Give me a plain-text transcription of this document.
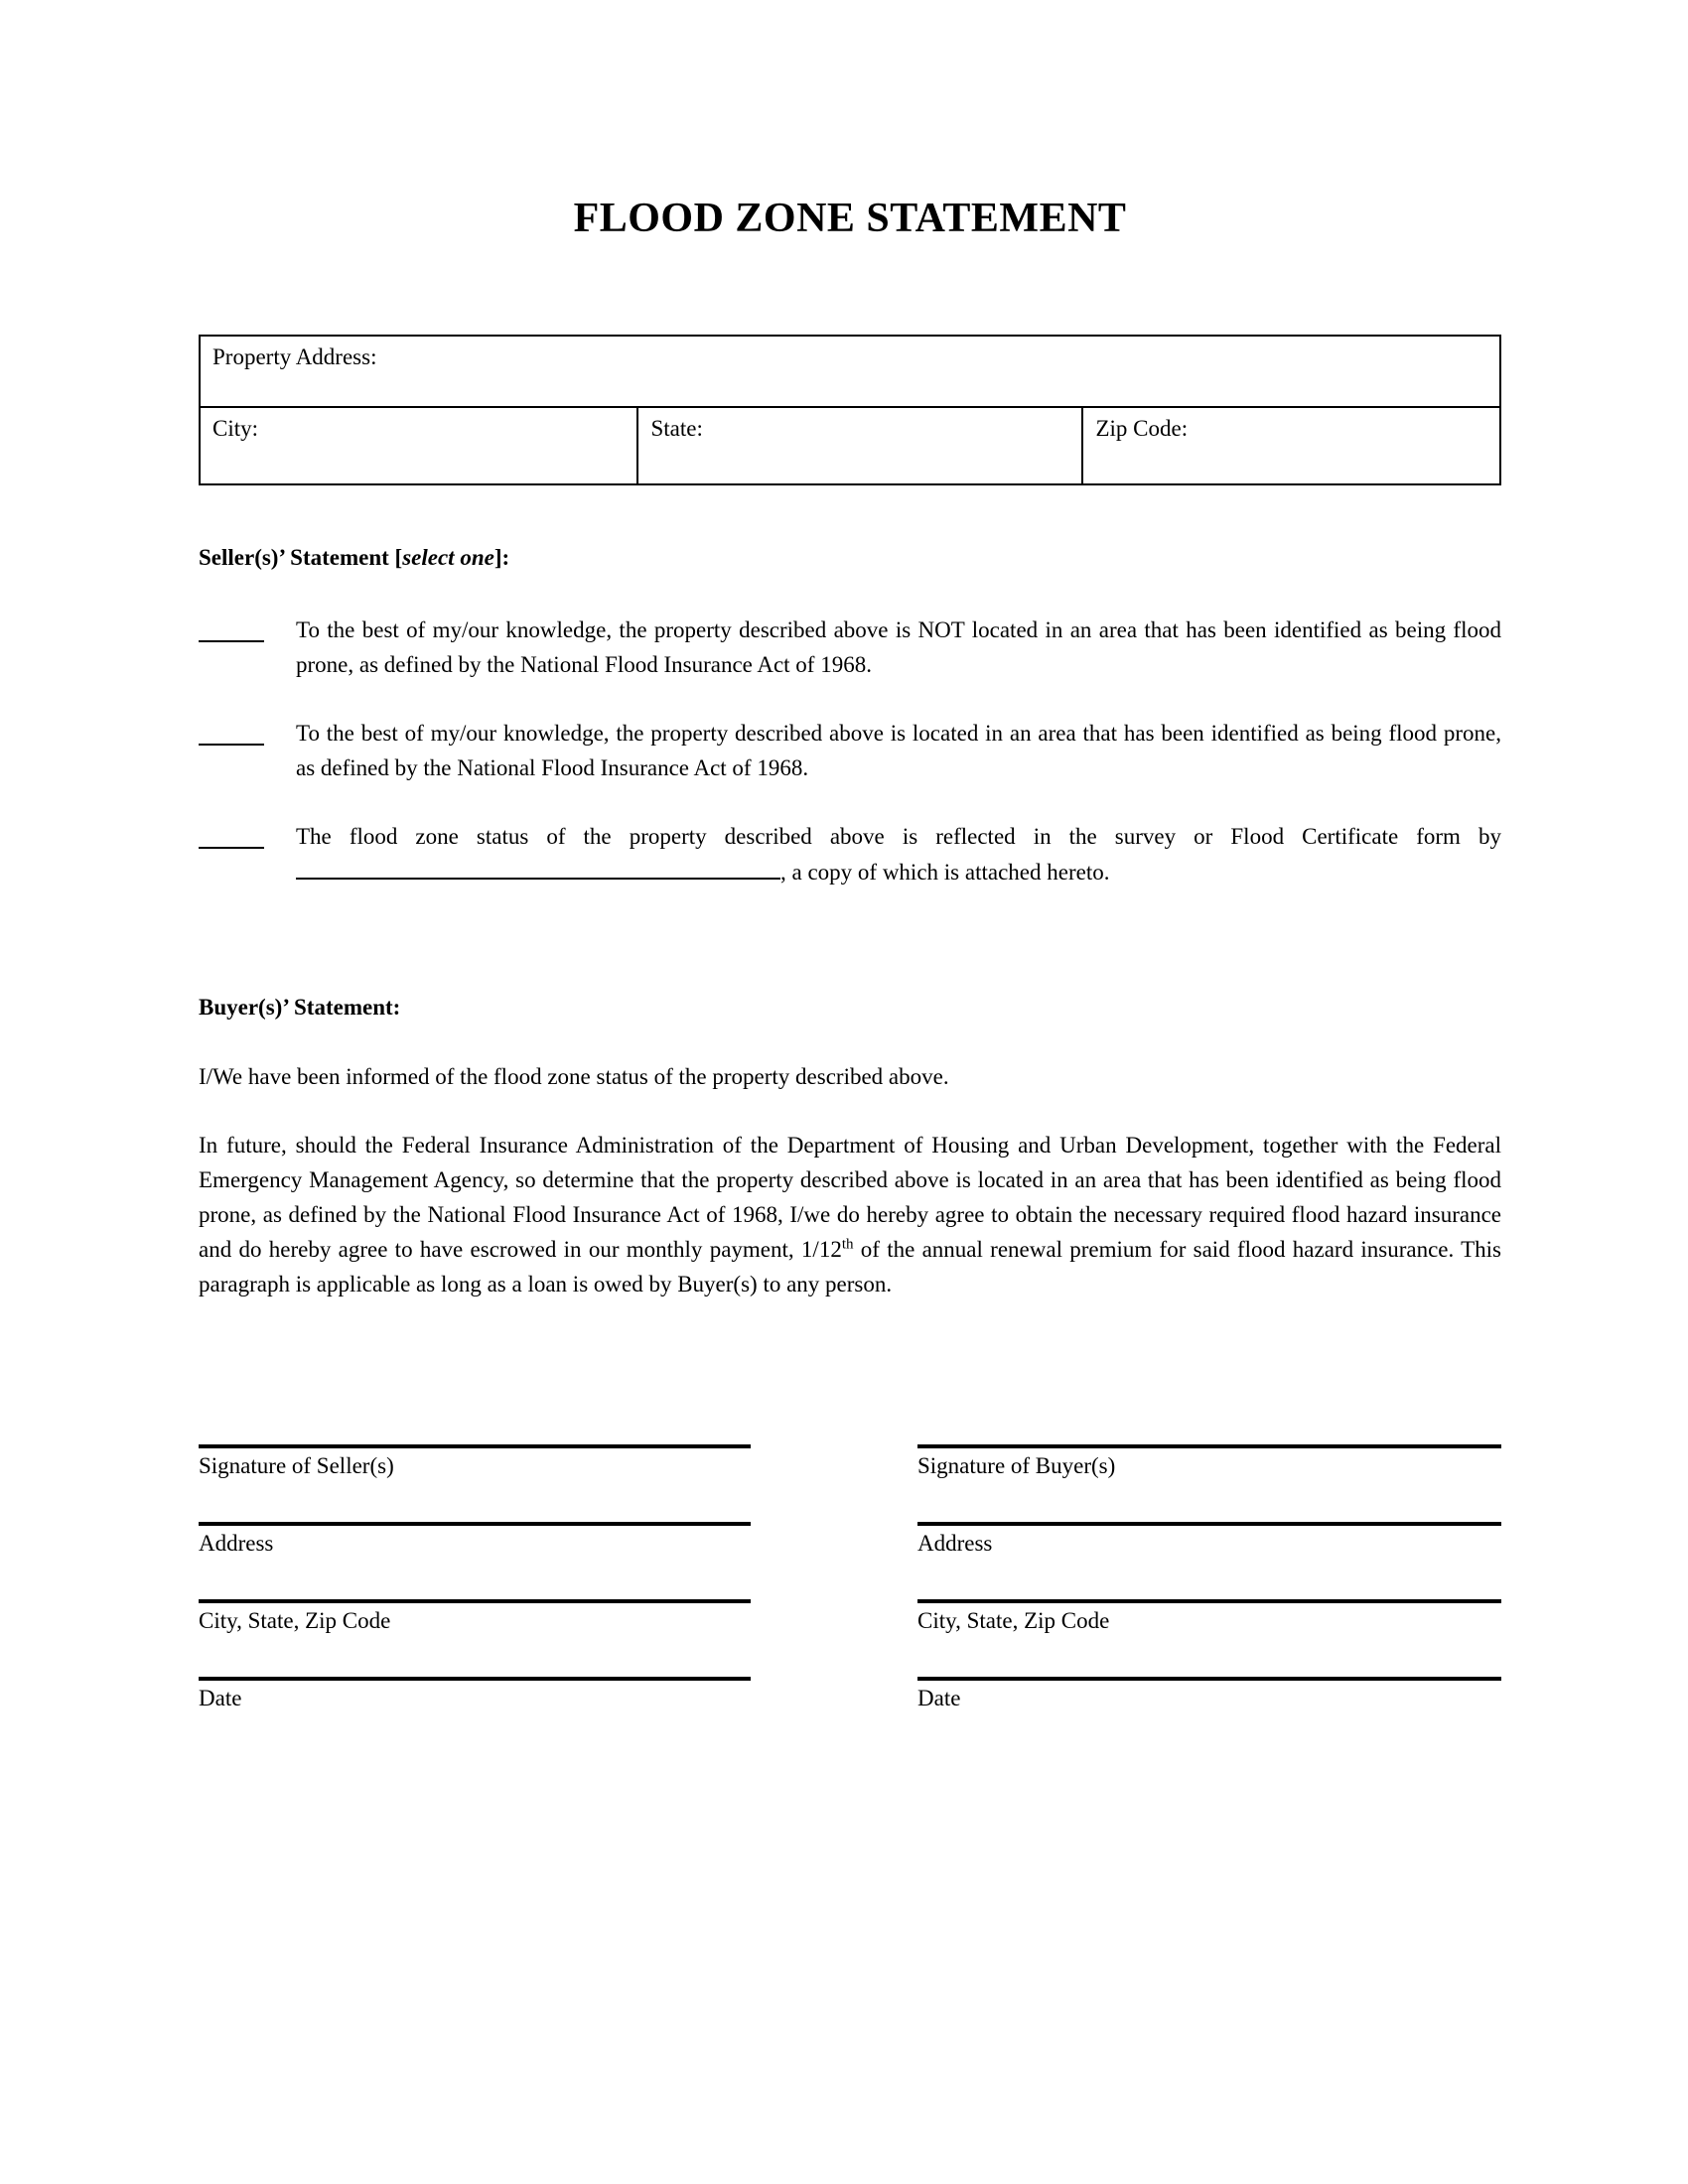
FLOOD ZONE STATEMENT
Property Address:
City:	State:	Zip Code:
Seller(s)’ Statement [select one]:
To the best of my/our knowledge, the property described above is NOT located in an area that has been identified as being flood prone, as defined by the National Flood Insurance Act of 1968.
To the best of my/our knowledge, the property described above is located in an area that has been identified as being flood prone, as defined by the National Flood Insurance Act of 1968.
The flood zone status of the property described above is reflected in the survey or Flood Certificate form by , a copy of which is attached hereto.
Buyer(s)’ Statement:
I/We have been informed of the flood zone status of the property described above.
In future, should the Federal Insurance Administration of the Department of Housing and Urban Development, together with the Federal Emergency Management Agency, so determine that the property described above is located in an area that has been identified as being flood prone, as defined by the National Flood Insurance Act of 1968, I/we do hereby agree to obtain the necessary required flood hazard insurance and do hereby agree to have escrowed in our monthly payment, 1/12th of the annual renewal premium for said flood hazard insurance. This paragraph is applicable as long as a loan is owed by Buyer(s) to any person.
Signature of Seller(s)
Address
City, State, Zip Code
Date
Signature of Buyer(s)
Address
City, State, Zip Code
Date
